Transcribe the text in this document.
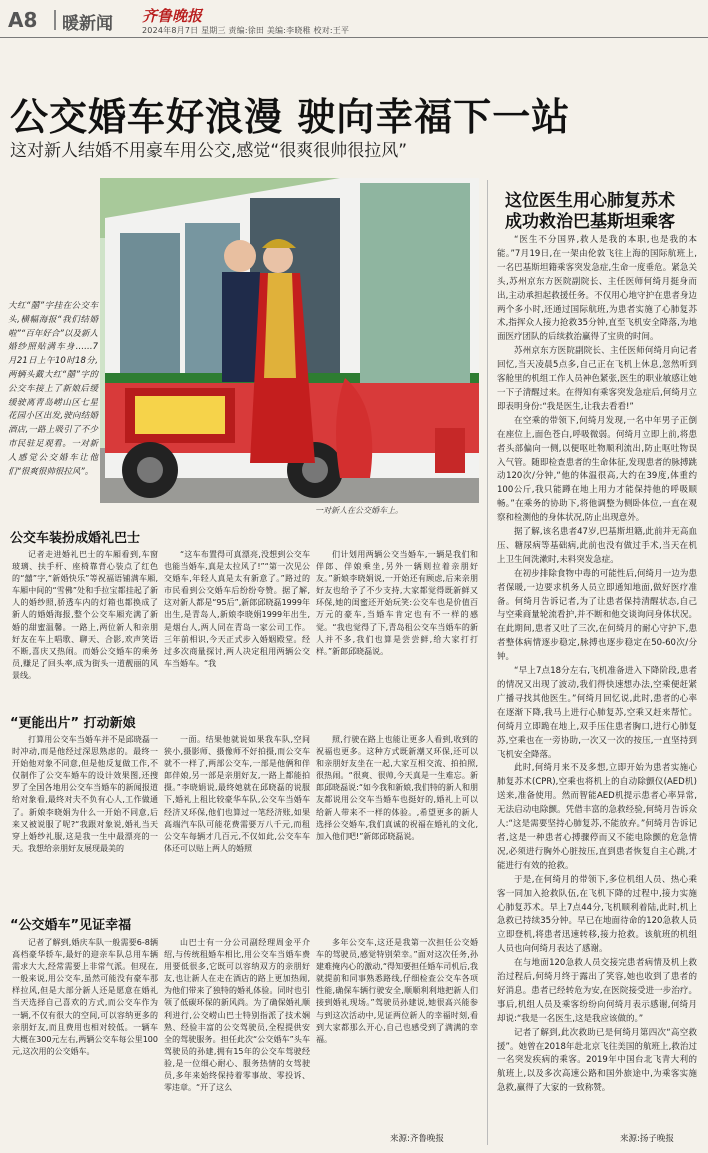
A8 暖新闻 齐鲁晚报
2024年8月7日 星期三 责编:徐田 美编:李晓稚 校对:王平
公交婚车好浪漫 驶向幸福下一站
这对新人结婚不用豪车用公交,感觉“很爽很帅很拉风”
大红“囍”字挂在公交车头,横幅海报“我们结婚啦”“百年好合”以及新人婚纱照贴满车身……7月21日上午10时18分,两辆头戴大红“囍”字的公交车接上了新娘后缓缓驶离青岛崂山区七星花园小区出发,驶向结婚酒店,一路上吸引了不少市民驻足观看。一对新人感觉公交婚车让他们“很爽很帅很拉风”。
一对新人在公交婚车上。
公交车装扮成婚礼巴士
记者走进婚礼巴士的车厢看到,车窗玻璃、扶手杆、座椅靠背心装点了红色的“囍”字,“新婚快乐”等祝福语铺满车厢,车厢中间的“雪佛”处和手拉宝都挂起了新人的婚纱照,骄透车内的灯箱也都换成了新人的婚婚海报,整个公交车厢充满了新婚的甜蜜温馨。一路上,两位新人和亲朋好友在车上唱歌、聊天、合影,欢声笑语不断,喜庆又热闹。而婚公交婚车的乘务员,赚足了回头率,成为街头一道靓丽的风景线。
“这车布置得可真漂亮,没想到公交车也能当婚车,真是太拉风了!”“第一次见公交婚车,年轻人真是太有新意了。”路过的市民看到公交婚车后纷纷夸赞。据了解,这对新人都是“95后”,新郎邱晓磊1999年出生,是青岛人,新娘李晓娟1999年出生,是烟台人,两人同在青岛一家公司工作。三年前相识,今天正式步入婚姻殿堂。经过多次商量探讨,两人决定租用两辆公交车当婚车。“我
们计划用两辆公交当婚车,一辆是我们和伴郎、伴娘乘坐,另外一辆则拉着亲朋好友。”新娘李晓娟说,一开始还有顾虑,后来亲朋好友也给予了不少支持,大家都觉得既新鲜又环保,她的闺蜜还开始玩笑:公交车也是价值百万元的豪车,当婚车肯定也有不一样的感觉。“我也觉得了下,青岛租公交车当婚车的新人并不多,我们也算是尝尝鲜,给大家打打样。”新郎邱晓磊说。
“更能出片” 打动新娘
打算用公交车当婚车并不是邱晓磊一时冲动,而是他经过深思熟虑的。最终一开始他对象不同意,但是他反复做工作,不仅制作了公交车婚车的设计效果图,还搜罗了全国各地用公交车当婚车的新闻报道给对象看,最终对夫不负有心人,工作做通了。新娘李晓娟为什么一开始不同意,后来又被说服了呢?“我跟对象说,婚礼当天穿上婚纱礼服,这是我一生中最漂亮的一天。我想给亲朋好友展现最美的
一面。结果他就说如果我车队,空间狭小,摄影师、摄像师不好拍摄,而公交车就不一样了,两部公交车,一部是他俩和伴郎伴娘,另一部是亲朋好友,一路上都能拍摄。”李晓娟说,最终她就在邱晓磊的说服下,婚礼上租比较豪华车队,公交车当婚车经济又环保,他们也算过一笔经济账,如果高端汽车队可能花费需要万八千元,而租公交车每辆才几百元,不仅如此,公交车车体还可以贴上两人的婚照
照,行驶在路上也能让更多人看到,收到的祝福也更多。这种方式既新潮又环保,还可以和亲朋好友坐在一起,大家互相交流、拍拍照,很热闹。“很爽、很帅,今天真是一生难忘。新郎邱晓磊说:“如今我和新娘,我们特的新人和朋友都说用公交车当婚车也挺好的,婚礼上可以给新人带来不一样的体验。,希望更多的新人选择公交婚车,我们真诚的祝福在婚礼的文化,加入他们吧!”新郎邱晓磊说。
“公交婚车”见证幸福
记者了解到,婚庆车队一般需要6-8辆高档豪华轿车,最好的迎亲车队总用车辆需求大大,经常需要上非常气派。但现在,一般来说,用公交车,虽然可能没有豪车那样拉风,但是大部分新人还是愿意在婚礼当天选择自己喜欢的方式,而公交车作为一辆,不仅有很大的空间,可以容纳更多的亲朋好友,而且费用也相对较低。一辆车大概在300元左右,两辆公交车每公里100元,这次用的公交婚车。
山巴士有一分公司副经理周金平介绍,与传统租婚车相比,用公交车当婚车费用要低很多,它既可以容纳双方的亲朋好友,也让新人在走在酒店的路上更加热闹,为他们带来了独特的婚礼体验。同时也引领了低碳环保的新风尚。为了确保婚礼顺利进行,公交崂山巴士特别指派了技术娴熟、经验丰富的公交驾驶员,全程提供安全的驾驶服务。担任此次“公交婚车”头车驾驶员的孙建,拥有15年的公交车驾驶经验,是一位细心耐心、服务热情的女驾驶员,多年来始终保持着零事故、零投诉、零违章。“开了这么
多年公交车,这还是我第一次担任公交婚车的驾驶员,感觉特别荣幸。”面对这次任务,孙建难掩内心的激动,“得知要担任婚车司机后,我就提前和同事熟悉路线,仔细检查公交车各项性能,确保车辆行驶安全,顺顺利利地把新人们接到婚礼现场。”驾驶员孙建说,她很高兴能参与到这次活动中,见证两位新人的幸福时刻,看到大家都那么开心,自己也感受到了满满的幸福。
来源:齐鲁晚报
这位医生用心肺复苏术
成功救治巴基斯坦乘客

“医生不分国界,救人是我的本职,也是我的本能。”7月19日,在一架由伦敦飞往上海的国际航班上,一名巴基斯坦籍乘客突发急症,生命一度垂危。紧急关头,苏州京东方医院副院长、主任医师何绮月挺身而出,主动承担起救援任务。不仅用心地守护在患者身边两个多小时,还通过国际航班,为患者实施了心肺复苏术,指挥众人接力抢救35分钟,直至飞机安全降落,为地面医疗团队的后续救治赢得了宝贵的时间。

苏州京东方医院副院长、主任医师何绮月向记者回忆,当天凌晨5点多,自己正在飞机上休息,忽然听到客舱里的机组工作人员神色紧张,医生的职业敏感让她一下子清醒过来。在得知有乘客突发急症后,何绮月立即表明身份:“我是医生,让我去看看!”

在空乘的带领下,何绮月发现,一名中年男子正倒在座位上,面色苍白,呼吸微弱。何绮月立即上前,将患者头部偏向一侧,以便呕吐物顺利流出,防止呕吐物误入气管。随即检查患者的生命体征,发现患者的脉搏跳动120次/分钟,“他的体温很高,大约在39度,体重约100公斤,我只能蹲在地上用力才能保持他的呼吸顺畅。”在乘务的协助下,将他调整为侧卧体位,一直在观察和检测他的身体状况,防止出现意外。

据了解,该名患者47岁,巴基斯坦籍,此前并无高血压、糖尿病等基础病,此前也没有做过手术,当天在机上卫生间洗漱时,未料突发急症。

在初步排除食物中毒的可能性后,何绮月一边为患者保暖,一边要求机务人员立即通知地面,做好医疗准备。何绮月告诉记者,为了让患者保持清醒状态,自己与空乘商量轮流看护,并不断和他交谈询问身体状况。在此期间,患者又吐了三次,在何绮月的耐心守护下,患者整体病情逐步稳定,脉搏也逐步稳定在50-60次/分钟。

“早上7点18分左右,飞机准备进入下降阶段,患者的情况又出现了波动,我们得快速想办法,空乘便赶紧广播寻找其他医生。”何绮月回忆说,此时,患者的心率在逐渐下降,我马上进行心肺复苏,空乘又赶来帮忙。何绮月立即跪在地上,双手压住患者胸口,进行心肺复苏,空乘也在一旁协助,一次又一次的按压,一直坚持到飞机安全降落。

此时,何绮月来不及多想,立即开始为患者实施心肺复苏术(CPR),空乘也将机上的自动除颤仪(AED机)送来,准备使用。然而智能AED机提示患者心率异常,无法启动电除颤。凭借丰富的急救经验,何绮月告诉众人:“这是需要坚持心肺复苏,不能放弃。”何绮月告诉记者,这是一种患者心搏骤停而又不能电除颤的危急情况,必须进行胸外心脏按压,直到患者恢复自主心跳,才能进行有效的抢救。

于是,在何绮月的带领下,多位机组人员、热心乘客一同加入抢救队伍,在飞机下降的过程中,接力实施心肺复苏术。早上7点44分,飞机顺利着陆,此时,机上急救已持续35分钟。早已在地面待命的120急救人员立即登机,将患者迅速转移,接力抢救。该航班的机组人员也向何绮月表达了感谢。

在与地面120急救人员交接完患者病情及机上救治过程后,何绮月终于露出了笑容,她也收到了患者的好消息。患者已经转危为安,在医院接受进一步治疗。事后,机组人员及乘客纷纷向何绮月表示感谢,何绮月却说:“我是一名医生,这是我应该做的。”

记者了解到,此次救助已是何绮月第四次“高空救援”。她曾在2018年赴北京飞往美国的航班上,救治过一名突发疾病的乘客。2019年中国台北飞青大利的航班上,以及多次高速公路和国外旅途中,为乘客实施急救,赢得了大家的一致称赞。

来源:扬子晚报
